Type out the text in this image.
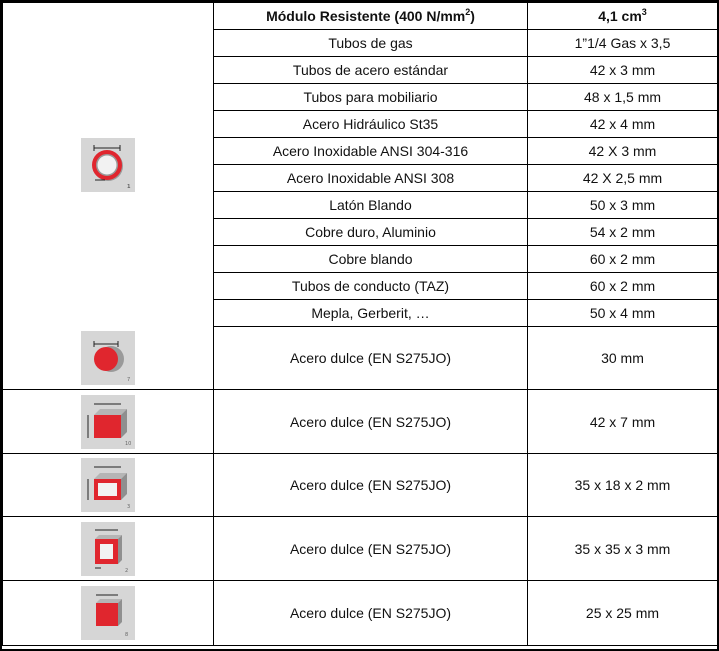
1	Módulo Resistente (400 $N/mm^2$)	4,1 $cm^3$
	Tubos de gas	1”1/4 Gas x 3,5
	Tubos de acero estándar	42 x 3 mm
	Tubos para mobiliario	48 x 1,5 mm
	Acero Hidráulico St35	42 x 4 mm
	Acero Inoxidable ANSI 304-316	42 X 3 mm
	Acero Inoxidable ANSI 308	42 X 2,5 mm
	Latón Blando	50 x 3 mm
	Cobre duro, Aluminio	54 x 2 mm
	Cobre blando	60 x 2 mm
	Tubos de conducto (TAZ)	60 x 2 mm
	Mepla, Gerberit, …	50 x 4 mm

7	Acero dulce (EN S275JO)	30 mm

10	Acero dulce (EN S275JO)	42 x 7 mm

3	Acero dulce (EN S275JO)	35 x 18 x 2 mm

2	Acero dulce (EN S275JO)	35 x 35 x 3 mm

8	Acero dulce (EN S275JO)	25 x 25 mm
